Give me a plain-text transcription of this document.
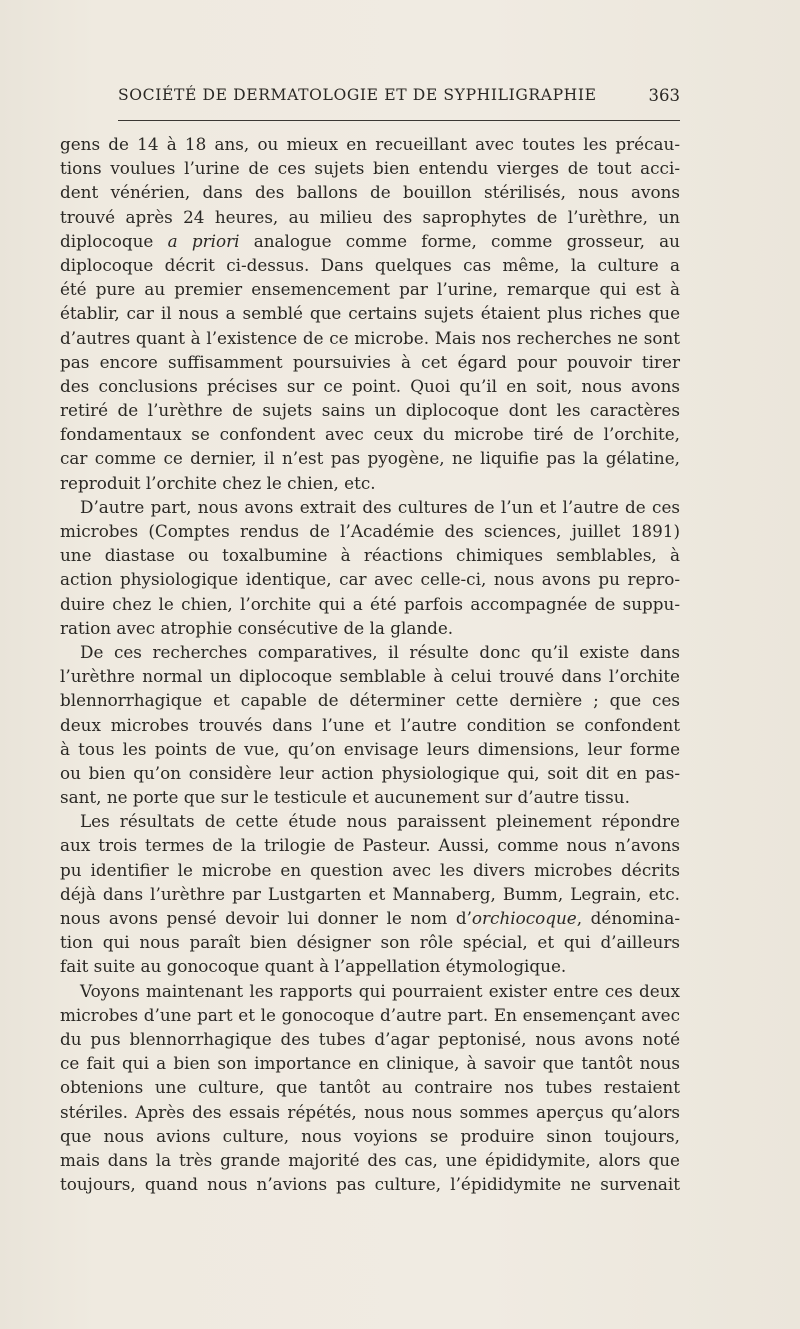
SOCIÉTÉ DE DERMATOLOGIE ET DE SYPHILIGRAPHIE	363
gens de 14 à 18 ans, ou mieux en recueillant avec toutes les précau-
tions voulues l’urine de ces sujets bien entendu vierges de tout acci-
dent vénérien, dans des ballons de bouillon stérilisés, nous avons
trouvé après 24 heures, au milieu des saprophytes de l’urèthre, un
diplocoque a priori analogue comme forme, comme grosseur, au
diplocoque décrit ci-dessus. Dans quelques cas même, la culture a
été pure au premier ensemencement par l’urine, remarque qui est à
établir, car il nous a semblé que certains sujets étaient plus riches que
d’autres quant à l’existence de ce microbe. Mais nos recherches ne sont
pas encore suffisamment poursuivies à cet égard pour pouvoir tirer
des conclusions précises sur ce point. Quoi qu’il en soit, nous avons
retiré de l’urèthre de sujets sains un diplocoque dont les caractères
fondamentaux se confondent avec ceux du microbe tiré de l’orchite,
car comme ce dernier, il n’est pas pyogène, ne liquifie pas la gélatine,
reproduit l’orchite chez le chien, etc.
D’autre part, nous avons extrait des cultures de l’un et l’autre de ces
microbes (Comptes rendus de l’Académie des sciences, juillet 1891)
une diastase ou toxalbumine à réactions chimiques semblables, à
action physiologique identique, car avec celle-ci, nous avons pu repro-
duire chez le chien, l’orchite qui a été parfois accompagnée de suppu-
ration avec atrophie consécutive de la glande.
De ces recherches comparatives, il résulte donc qu’il existe dans
l’urèthre normal un diplocoque semblable à celui trouvé dans l’orchite
blennorrhagique et capable de déterminer cette dernière ; que ces
deux microbes trouvés dans l’une et l’autre condition se confondent
à tous les points de vue, qu’on envisage leurs dimensions, leur forme
ou bien qu’on considère leur action physiologique qui, soit dit en pas-
sant, ne porte que sur le testicule et aucunement sur d’autre tissu.
Les résultats de cette étude nous paraissent pleinement répondre
aux trois termes de la trilogie de Pasteur. Aussi, comme nous n’avons
pu identifier le microbe en question avec les divers microbes décrits
déjà dans l’urèthre par Lustgarten et Mannaberg, Bumm, Legrain, etc.
nous avons pensé devoir lui donner le nom d’orchiocoque, dénomina-
tion qui nous paraît bien désigner son rôle spécial, et qui d’ailleurs
fait suite au gonocoque quant à l’appellation étymologique.
Voyons maintenant les rapports qui pourraient exister entre ces deux
microbes d’une part et le gonocoque d’autre part. En ensemençant avec
du pus blennorrhagique des tubes d’agar peptonisé, nous avons noté
ce fait qui a bien son importance en clinique, à savoir que tantôt nous
obtenions une culture, que tantôt au contraire nos tubes restaient
stériles. Après des essais répétés, nous nous sommes aperçus qu’alors
que nous avions culture, nous voyions se produire sinon toujours,
mais dans la très grande majorité des cas, une épididymite, alors que
toujours, quand nous n’avions pas culture, l’épididymite ne survenait
